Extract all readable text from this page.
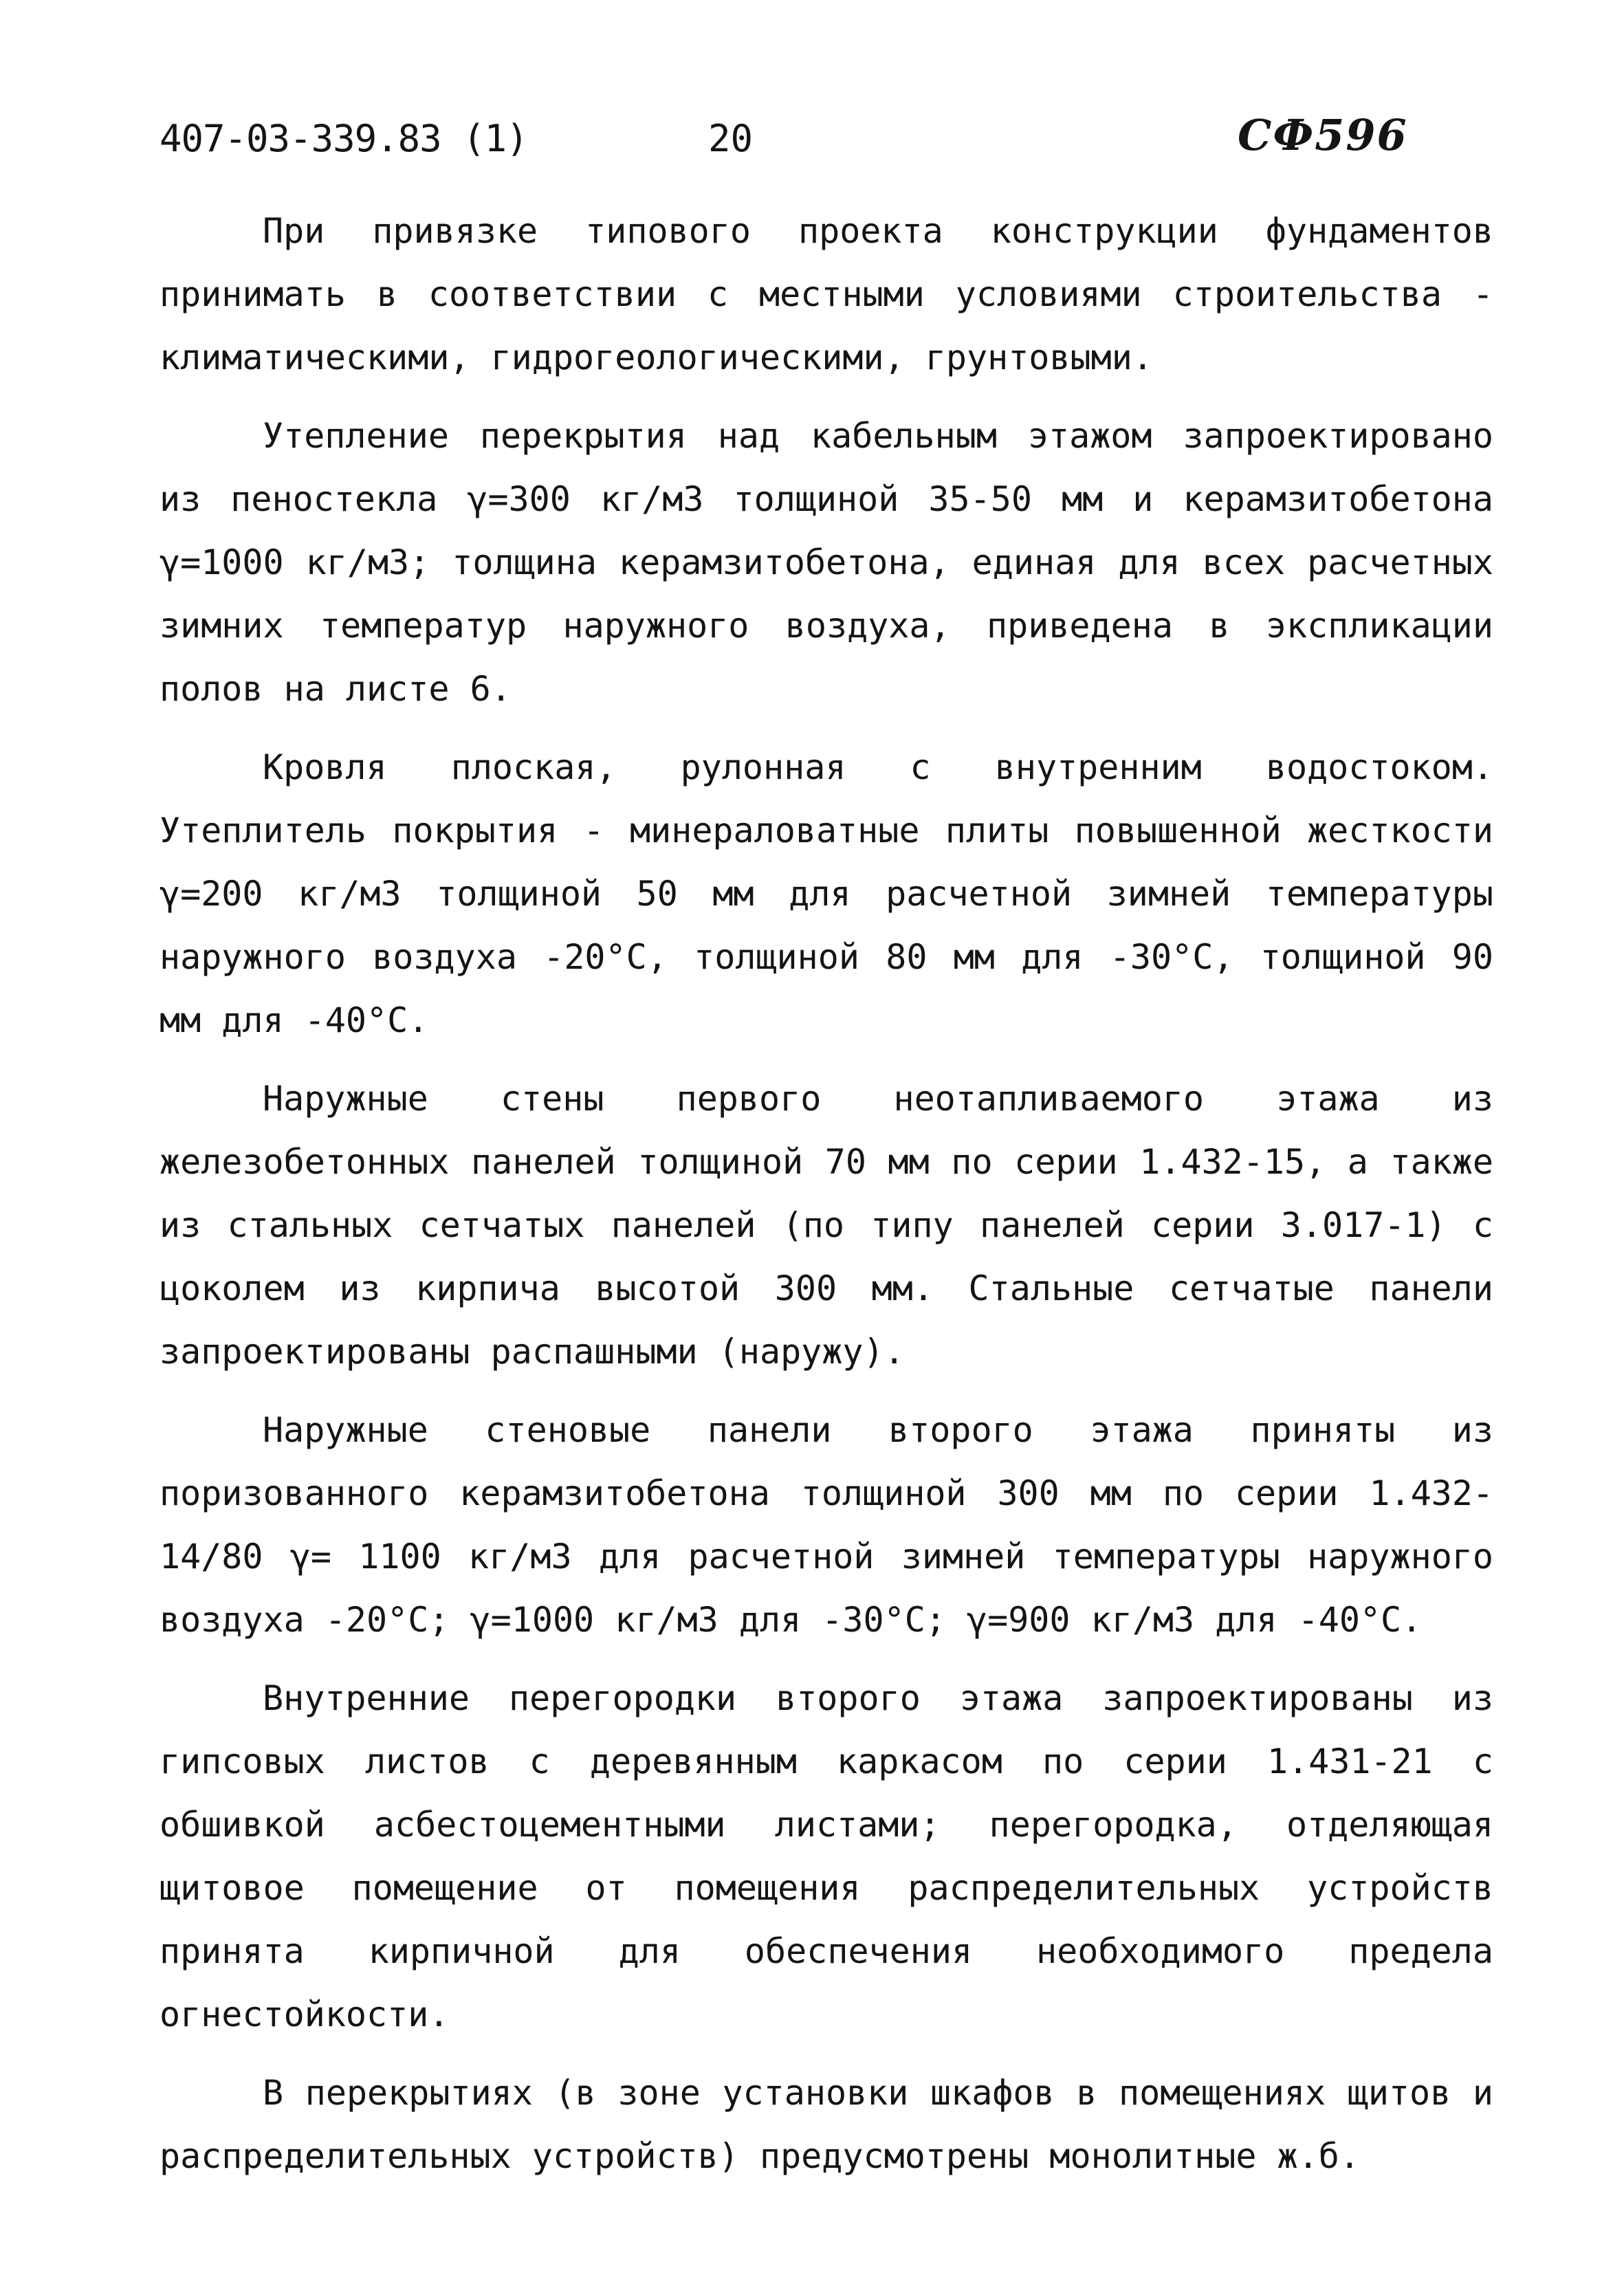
407-03-339.83 (1)	20	СФ596

При привязке типового проекта конструкции фундаментов принимать в соответствии с местными условиями строительства - климатическими, гидрогеологическими, грунтовыми.

Утепление перекрытия над кабельным этажом запроектировано из пеностекла γ=300 кг/м3 толщиной 35-50 мм и керамзитобетона γ=1000 кг/м3; толщина керамзитобетона, единая для всех расчетных зимних температур наружного воздуха, приведена в экспликации полов на листе 6.

Кровля плоская, рулонная с внутренним водостоком. Утеплитель покрытия - минераловатные плиты повышенной жесткости γ=200 кг/м3 толщиной 50 мм для расчетной зимней температуры наружного воздуха -20°С, толщиной 80 мм для -30°С, толщиной 90 мм для -40°С.

Наружные стены первого неотапливаемого этажа из железобетонных панелей толщиной 70 мм по серии 1.432-15, а также из стальных сетчатых панелей (по типу панелей серии 3.017-1) с цоколем из кирпича высотой 300 мм. Стальные сетчатые панели запроектированы распашными (наружу).

Наружные стеновые панели второго этажа приняты из поризованного керамзитобетона толщиной 300 мм по серии 1.432-14/80 γ= 1100 кг/м3 для расчетной зимней температуры наружного воздуха -20°С; γ=1000 кг/м3 для -30°С; γ=900 кг/м3 для -40°С.

Внутренние перегородки второго этажа запроектированы из гипсовых листов с деревянным каркасом по серии 1.431-21 с обшивкой асбестоцементными листами; перегородка, отделяющая щитовое помещение от помещения распределительных устройств принята кирпичной для обеспечения необходимого предела огнестойкости.

В перекрытиях (в зоне установки шкафов в помещениях щитов и распределительных устройств) предусмотрены монолитные ж.б.
